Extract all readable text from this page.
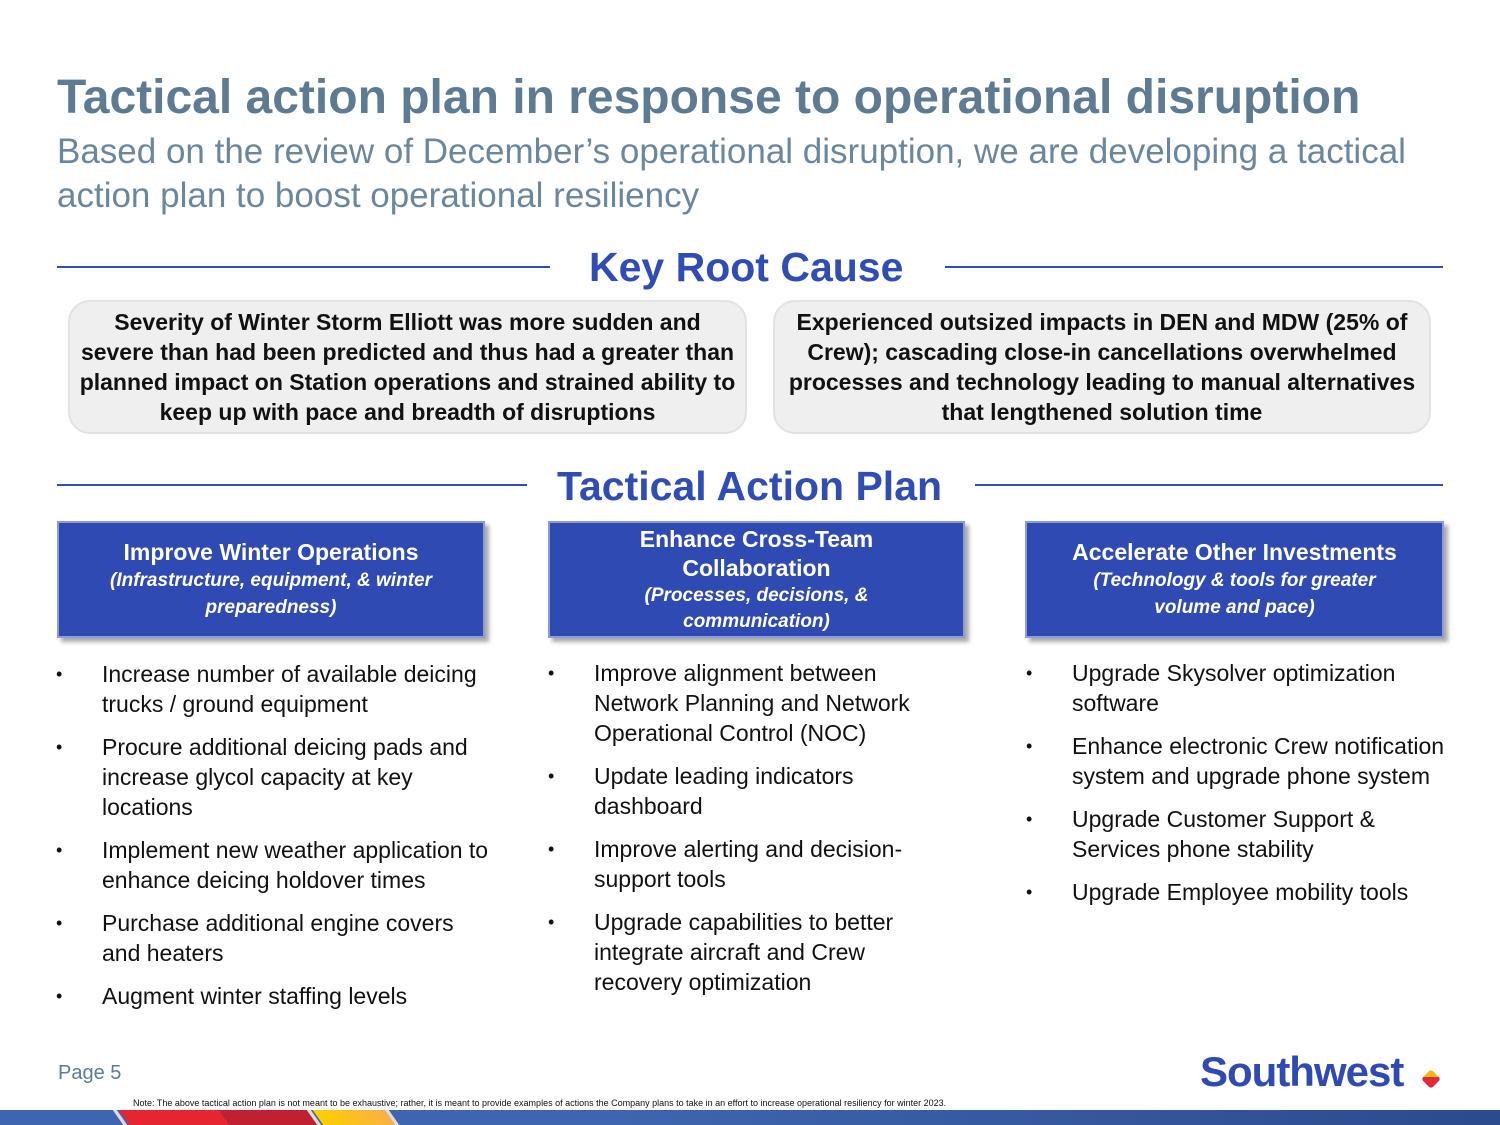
Tactical action plan in response to operational disruption
Based on the review of December’s operational disruption, we are developing a tactical action plan to boost operational resiliency
Key Root Cause
Severity of Winter Storm Elliott was more sudden and severe than had been predicted and thus had a greater than planned impact on Station operations and strained ability to keep up with pace and breadth of disruptions
Experienced outsized impacts in DEN and MDW (25% of Crew); cascading close-in cancellations overwhelmed processes and technology leading to manual alternatives that lengthened solution time
Tactical Action Plan
Improve Winter Operations
(Infrastructure, equipment, & winter preparedness)
Enhance Cross-Team Collaboration
(Processes, decisions, & communication)
Accelerate Other Investments
(Technology & tools for greater volume and pace)
• Increase number of available deicing trucks / ground equipment
• Procure additional deicing pads and increase glycol capacity at key locations
• Implement new weather application to enhance deicing holdover times
• Purchase additional engine covers and heaters
• Augment winter staffing levels
• Improve alignment between Network Planning and Network Operational Control (NOC)
• Update leading indicators dashboard
• Improve alerting and decision-support tools
• Upgrade capabilities to better integrate aircraft and Crew recovery optimization
• Upgrade Skysolver optimization software
• Enhance electronic Crew notification system and upgrade phone system
• Upgrade Customer Support & Services phone stability
• Upgrade Employee mobility tools
Page 5	Southwest
Note: The above tactical action plan is not meant to be exhaustive; rather, it is meant to provide examples of actions the Company plans to take in an effort to increase operational resiliency for winter 2023.
